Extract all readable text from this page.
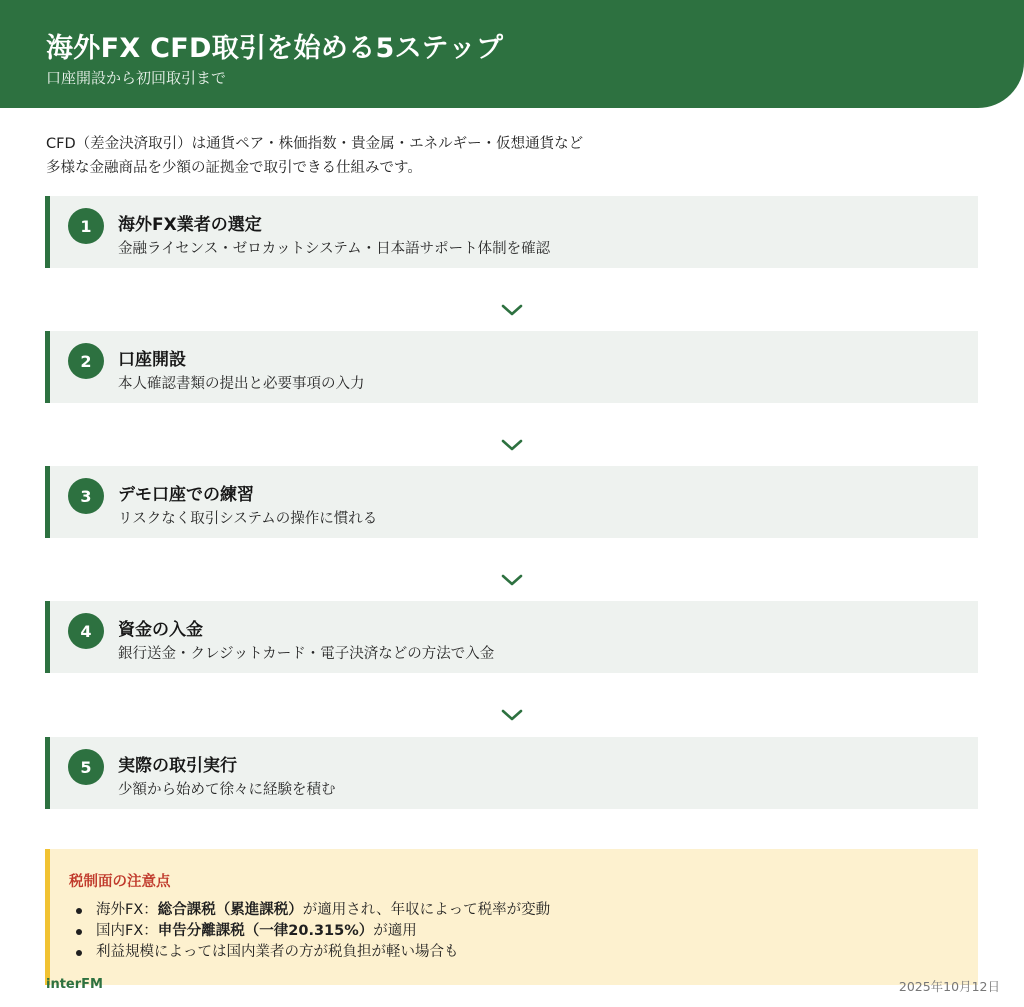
海外FX CFD取引を始める5ステップ
口座開設から初回取引まで
CFD（差金決済取引）は通貨ペア・株価指数・貴金属・エネルギー・仮想通貨など
多様な金融商品を少額の証拠金で取引できる仕組みです。
1	海外FX業者の選定
金融ライセンス・ゼロカットシステム・日本語サポート体制を確認
2	口座開設
本人確認書類の提出と必要事項の入力
3	デモ口座での練習
リスクなく取引システムの操作に慣れる
4	資金の入金
銀行送金・クレジットカード・電子決済などの方法で入金
5	実際の取引実行
少額から始めて徐々に経験を積む
税制面の注意点
海外FX：総合課税（累進課税）が適用され、年収によって税率が変動
国内FX：申告分離課税（一律20.315%）が適用
利益規模によっては国内業者の方が税負担が軽い場合も
interFM	2025年10月12日
